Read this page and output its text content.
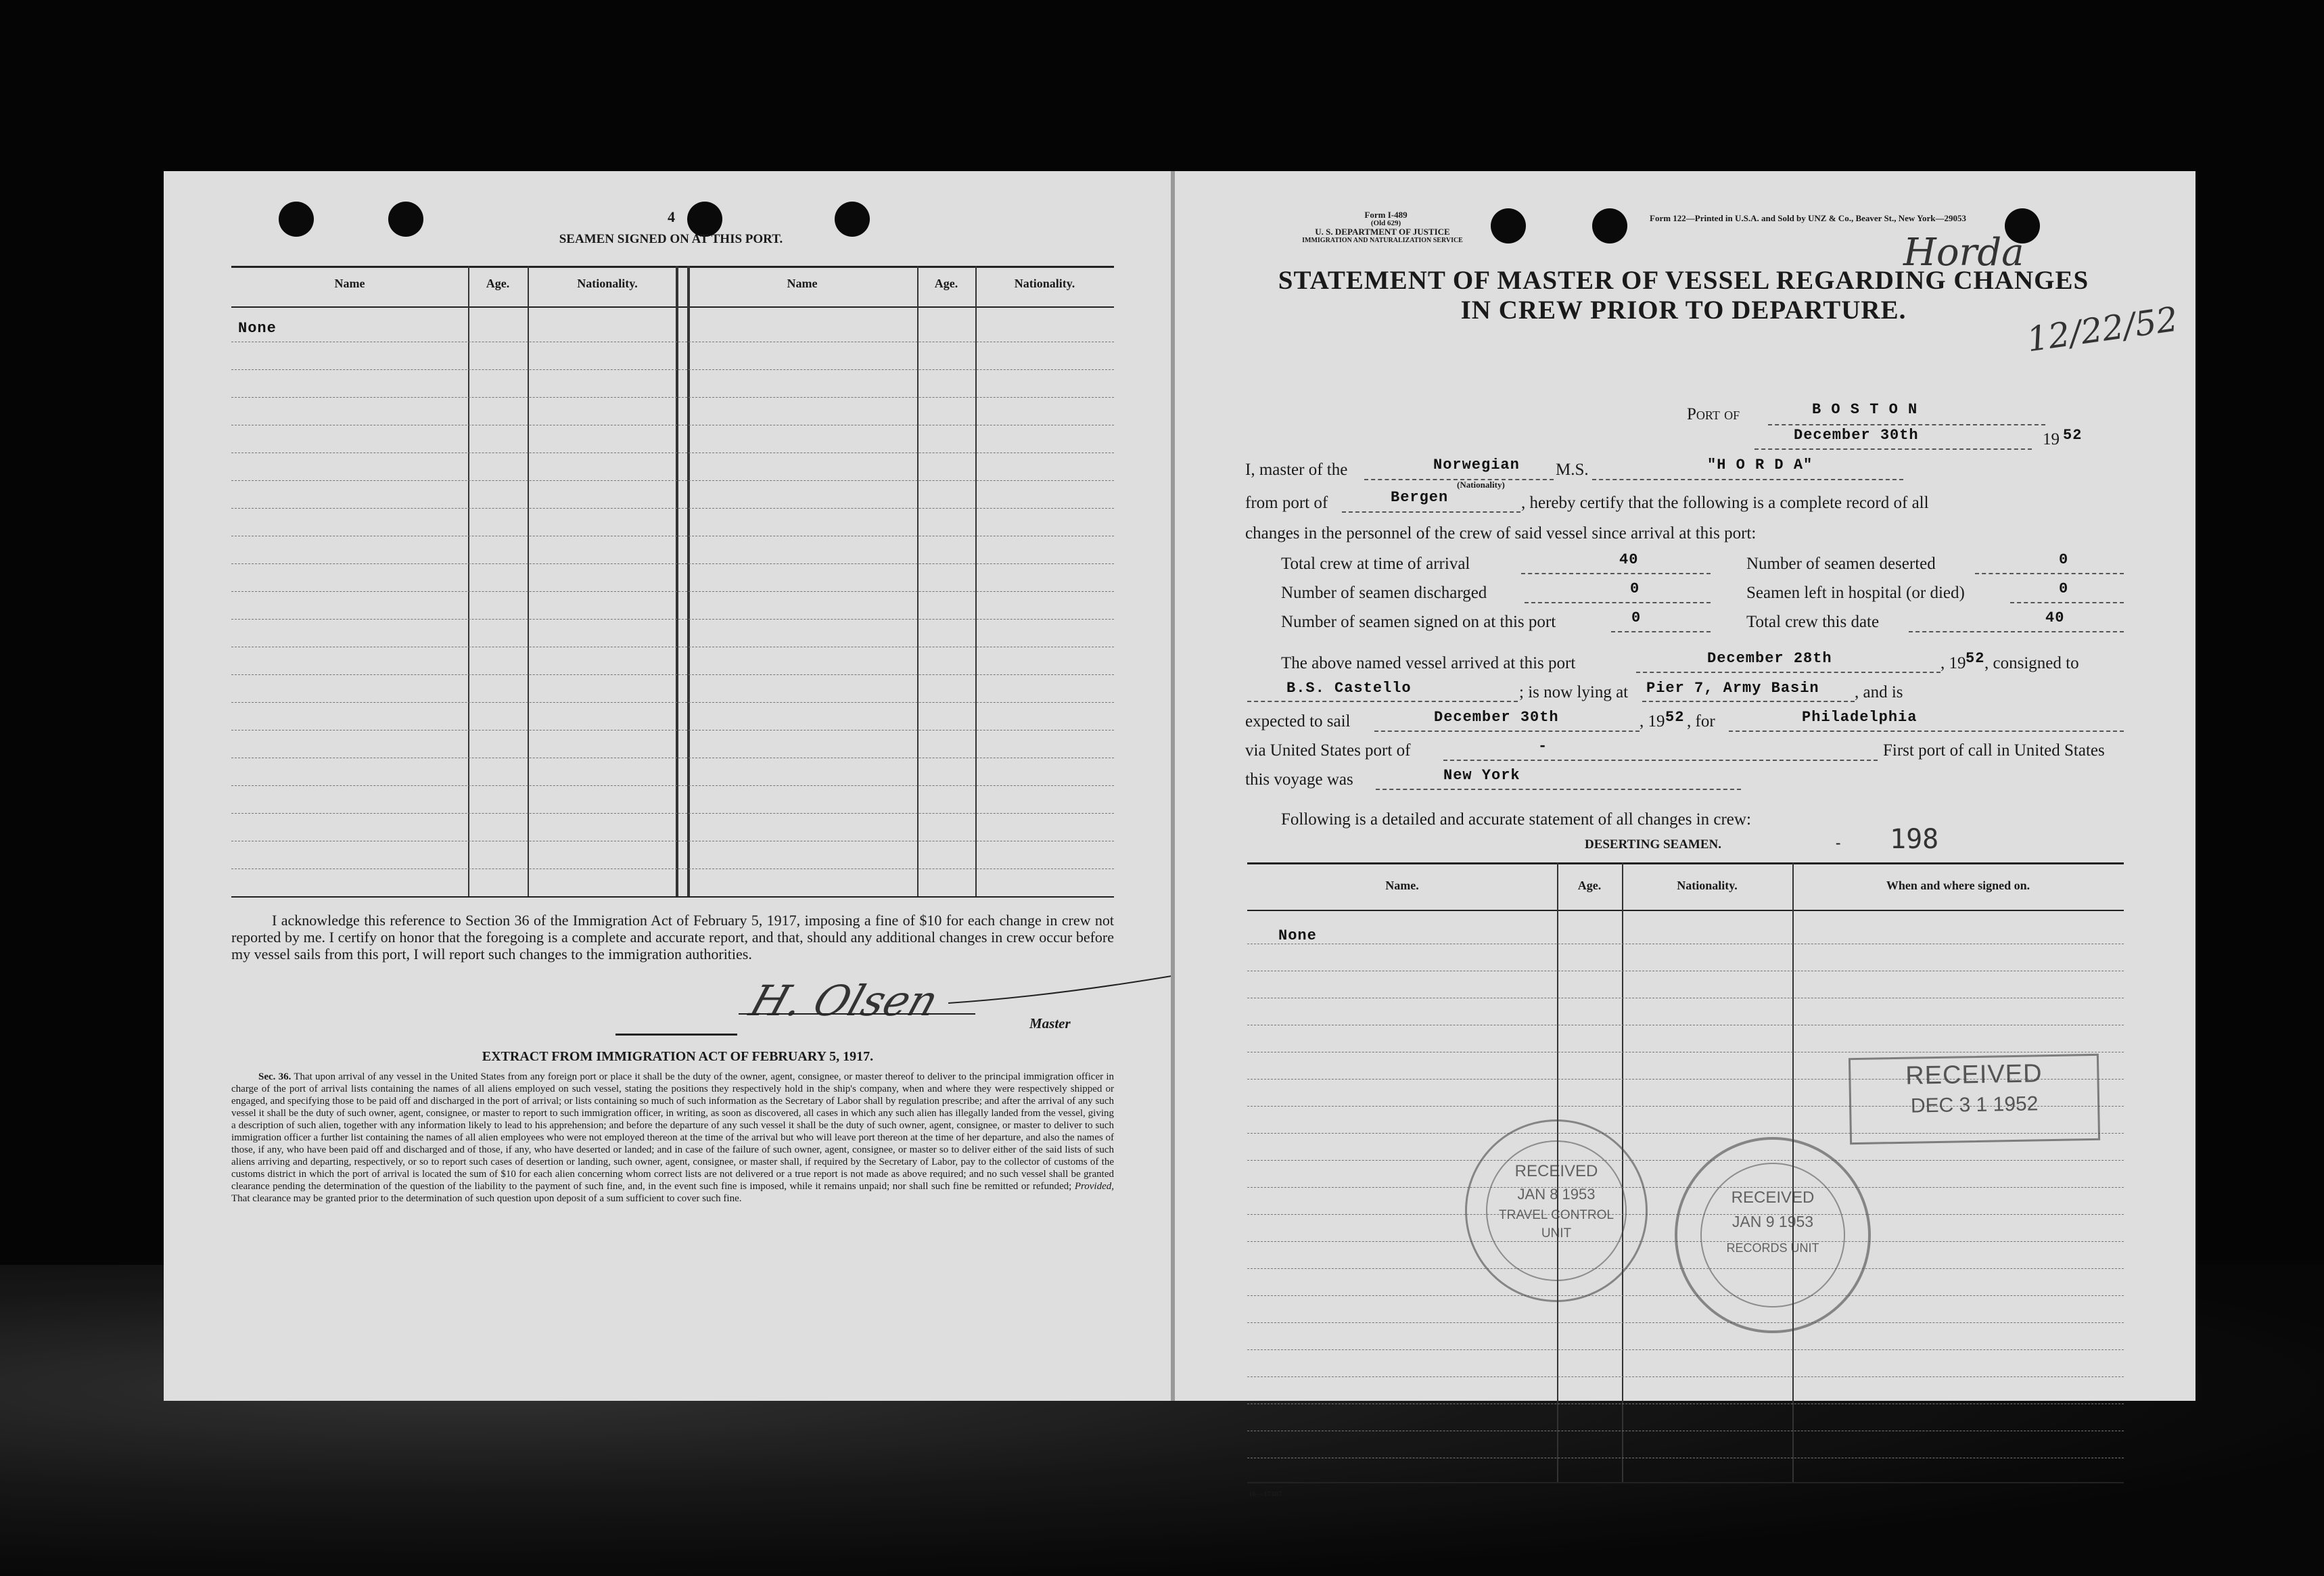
4
SEAMEN SIGNED ON AT THIS PORT.
Name	Age.	Nationality.	Name	Age.	Nationality.
None
I acknowledge this reference to Section 36 of the Immigration Act of February 5, 1917, imposing a fine of $10 for each change in crew not reported by me. I certify on honor that the foregoing is a complete and accurate report, and that, should any additional changes in crew occur before my vessel sails from this port, I will report such changes to the immigration authorities.
H. Olsen	Master
EXTRACT FROM IMMIGRATION ACT OF FEBRUARY 5, 1917.
Sec. 36. That upon arrival of any vessel in the United States from any foreign port or place it shall be the duty of the owner, agent, consignee, or master thereof to deliver to the principal immigration officer in charge of the port of arrival lists containing the names of all aliens employed on such vessel, stating the positions they respectively hold in the ship's company, when and where they were respectively shipped or engaged, and specifying those to be paid off and discharged in the port of arrival; or lists containing so much of such information as the Secretary of Labor shall by regulation prescribe; and after the arrival of any such vessel it shall be the duty of such owner, agent, consignee, or master to report to such immigration officer, in writing, as soon as discovered, all cases in which any such alien has illegally landed from the vessel, giving a description of such alien, together with any information likely to lead to his apprehension; and before the departure of any such vessel it shall be the duty of such owner, agent, consignee, or master to deliver to such immigration officer a further list containing the names of all alien employees who were not employed thereon at the time of the arrival but who will leave port thereon at the time of her departure, and also the names of those, if any, who have been paid off and discharged and of those, if any, who have deserted or landed; and in case of the failure of such owner, agent, consignee, or master so to deliver either of the said lists of such aliens arriving and departing, respectively, or so to report such cases of desertion or landing, such owner, agent, consignee, or master shall, if required by the Secretary of Labor, pay to the collector of customs of the customs district in which the port of arrival is located the sum of $10 for each alien concerning whom correct lists are not delivered or a true report is not made as above required; and no such vessel shall be granted clearance pending the determination of the question of the liability to the payment of such fine, and, in the event such fine is imposed, while it remains unpaid; nor shall such fine be remitted or refunded; Provided, That clearance may be granted prior to the determination of such question upon deposit of a sum sufficient to cover such fine.
Form I-489
(Old 629)
U. S. DEPARTMENT OF JUSTICE
IMMIGRATION AND NATURALIZATION SERVICE
Form 122—Printed in U.S.A. and Sold by UNZ & Co., Beaver St., New York—29053
Horda
12/22/52
STATEMENT OF MASTER OF VESSEL REGARDING CHANGES
IN CREW PRIOR TO DEPARTURE.
Port of	B O S T O N
December 30th	19 52
I, master of the	Norwegian
(Nationality)
M.S.	"H O R D A"
from port of	Bergen	, hereby certify that the following is a complete record of all
changes in the personnel of the crew of said vessel since arrival at this port:
Total crew at time of arrival	40	Number of seamen deserted	0
Number of seamen discharged	0	Seamen left in hospital (or died)	0
Number of seamen signed on at this port	0	Total crew this date	40
The above named vessel arrived at this port	December 28th	, 19 52 , consigned to
B.S. Castello	; is now lying at Pier 7, Army Basin , and is
expected to sail	December 30th	, 19 52 , for	Philadelphia
via United States port of	-	First port of call in United States
this voyage was	New York
Following is a detailed and accurate statement of all changes in crew:
DESERTING SEAMEN.	- 198
Name.	Age.	Nationality.	When and where signed on.
None
16—17387
RECEIVED
DEC 3 1 1952
RECEIVED
JAN 8 1953
TRAVEL CONTROL
UNIT
RECEIVED
JAN 9 1953
RECORDS UNIT
